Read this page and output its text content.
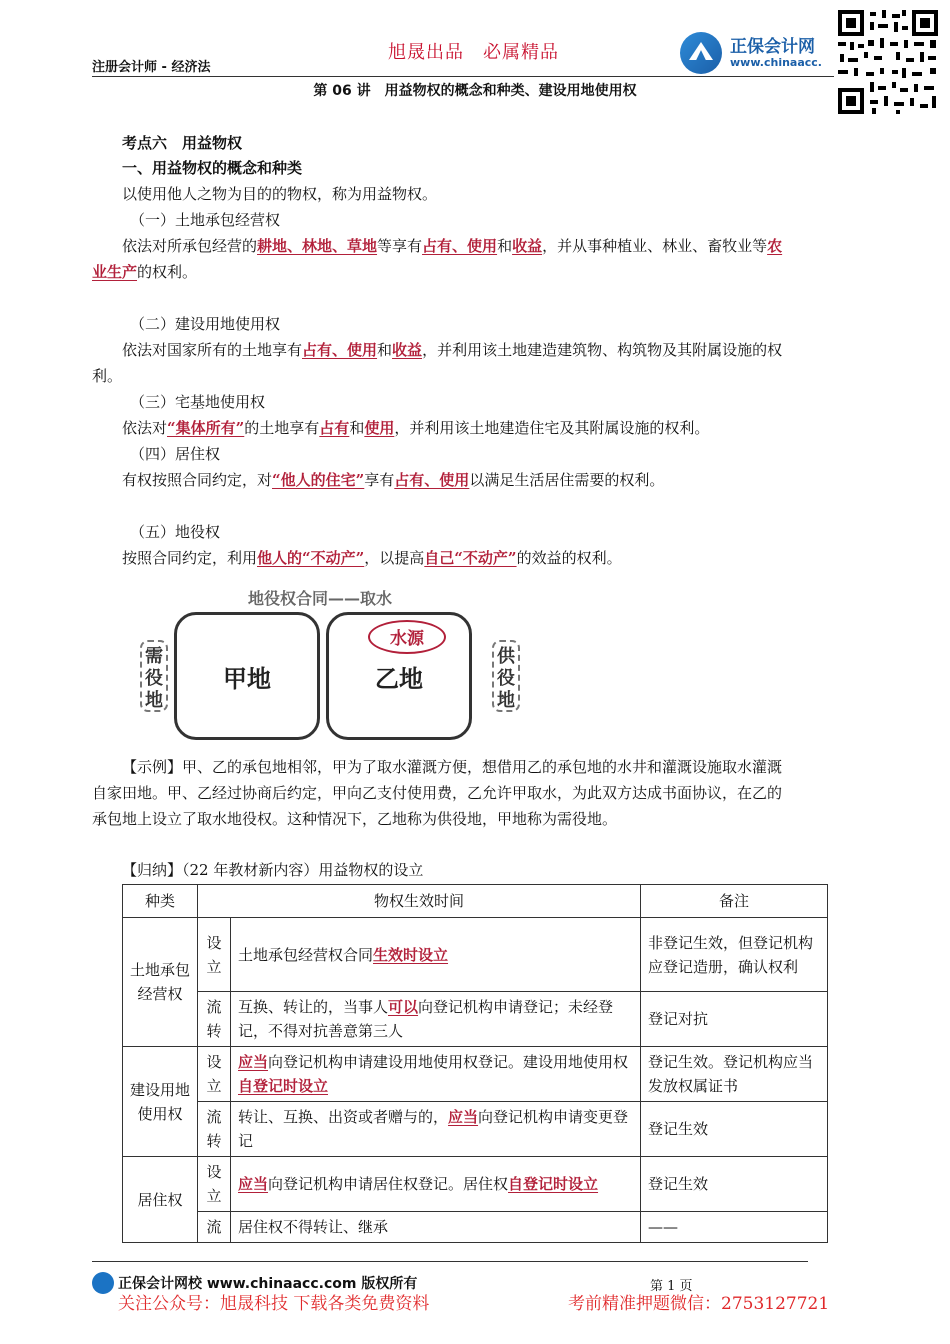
注册会计师 - 经济法
旭晟出品　必属精品	正保会计网
www.chinaacc.
第 06 讲　用益物权的概念和种类、建设用地使用权
考点六　用益物权
一、用益物权的概念和种类
以使用他人之物为目的的物权，称为用益物权。
（一）土地承包经营权
依法对所承包经营的耕地、林地、草地等享有占有、使用和收益，并从事种植业、林业、畜牧业等农
业生产的权利。
（二）建设用地使用权
依法对国家所有的土地享有占有、使用和收益，并利用该土地建造建筑物、构筑物及其附属设施的权
利。
（三）宅基地使用权
依法对“集体所有”的土地享有占有和使用，并利用该土地建造住宅及其附属设施的权利。
（四）居住权
有权按照合同约定，对“他人的住宅”享有占有、使用以满足生活居住需要的权利。
（五）地役权
按照合同约定，利用他人的“不动产”，以提高自己“不动产”的效益的权利。
地役权合同——取水
需役地
甲地	乙地
水源
供役地
【示例】甲、乙的承包地相邻，甲为了取水灌溉方便，想借用乙的承包地的水井和灌溉设施取水灌溉
自家田地。甲、乙经过协商后约定，甲向乙支付使用费，乙允许甲取水，为此双方达成书面协议，在乙的
承包地上设立了取水地役权。这种情况下，乙地称为供役地，甲地称为需役地。
【归纳】（22 年教材新内容）用益物权的设立
种类	物权生效时间		备注
土地承包经营权	设立	土地承包经营权合同生效时设立	非登记生效，但登记机构应登记造册，确认权利
	流转	互换、转让的，当事人可以向登记机构申请登记；未经登记，不得对抗善意第三人	登记对抗
建设用地使用权	设立	应当向登记机构申请建设用地使用权登记。建设用地使用权自登记时设立	登记生效。登记机构应当发放权属证书
	流转	转让、互换、出资或者赠与的，应当向登记机构申请变更登记	登记生效
居住权	设立	应当向登记机构申请居住权登记。居住权自登记时设立	登记生效
	流	居住权不得转让、继承	——
正保会计网校 www.chinaacc.com 版权所有	第 1 页
关注公众号：旭晟科技 下载各类免费资料	考前精准押题微信：2753127721
